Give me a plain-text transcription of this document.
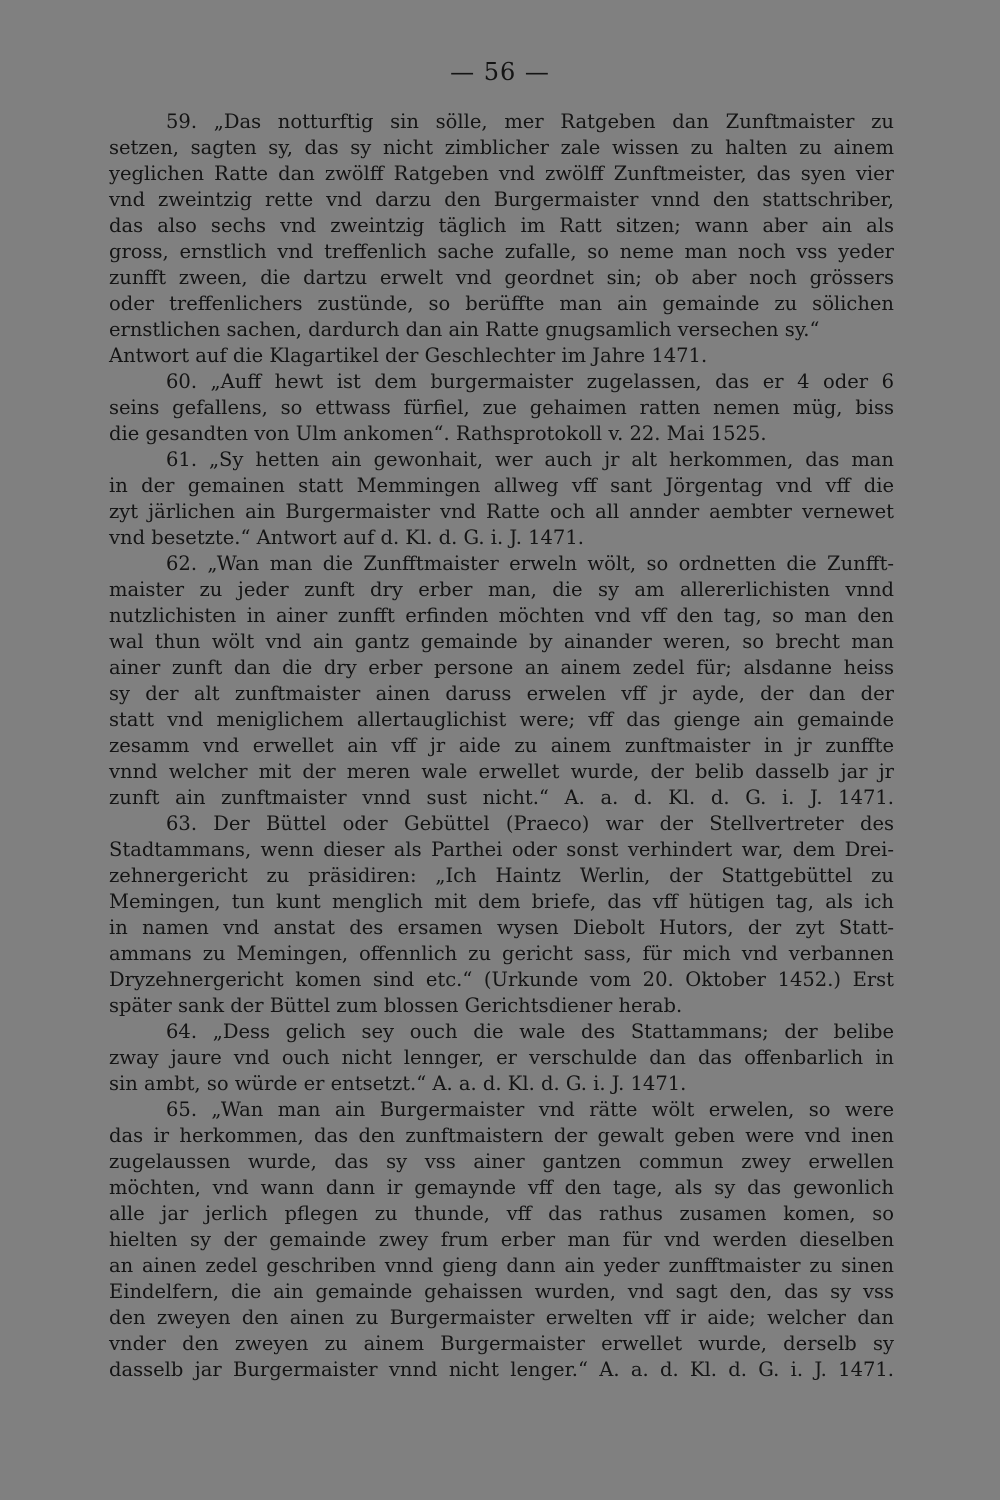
— 56 —
59. „Das notturftig sin sölle, mer Ratgeben dan Zunftmaister zu
setzen, sagten sy, das sy nicht zimblicher zale wissen zu halten zu ainem
yeglichen Ratte dan zwölff Ratgeben vnd zwölff Zunftmeister, das syen vier
vnd zweintzig rette vnd darzu den Burgermaister vnnd den stattschriber,
das also sechs vnd zweintzig täglich im Ratt sitzen; wann aber ain als
gross, ernstlich vnd treffenlich sache zufalle, so neme man noch vss yeder
zunfft zween, die dartzu erwelt vnd geordnet sin; ob aber noch grössers
oder treffenlichers zustünde, so berüffte man ain gemainde zu sölichen
ernstlichen sachen, dardurch dan ain Ratte gnugsamlich versechen sy.“
Antwort auf die Klagartikel der Geschlechter im Jahre 1471.
60. „Auff hewt ist dem burgermaister zugelassen, das er 4 oder 6
seins gefallens, so ettwass fürfiel, zue gehaimen ratten nemen müg, biss
die gesandten von Ulm ankomen“. Rathsprotokoll v. 22. Mai 1525.
61. „Sy hetten ain gewonhait, wer auch jr alt herkommen, das man
in der gemainen statt Memmingen allweg vff sant Jörgentag vnd vff die
zyt järlichen ain Burgermaister vnd Ratte och all annder aembter vernewet
vnd besetzte.“ Antwort auf d. Kl. d. G. i. J. 1471.
62. „Wan man die Zunfftmaister erweln wölt, so ordnetten die Zunfft-
maister zu jeder zunft dry erber man, die sy am allererlichisten vnnd
nutzlichisten in ainer zunfft erfinden möchten vnd vff den tag, so man den
wal thun wölt vnd ain gantz gemainde by ainander weren, so brecht man
ainer zunft dan die dry erber persone an ainem zedel für; alsdanne heiss
sy der alt zunftmaister ainen daruss erwelen vff jr ayde, der dan der
statt vnd meniglichem allertauglichist were; vff das gienge ain gemainde
zesamm vnd erwellet ain vff jr aide zu ainem zunftmaister in jr zunffte
vnnd welcher mit der meren wale erwellet wurde, der belib dasselb jar jr
zunft ain zunftmaister vnnd sust nicht.“ A. a. d. Kl. d. G. i. J. 1471.
63. Der Büttel oder Gebüttel (Praeco) war der Stellvertreter des
Stadtammans, wenn dieser als Parthei oder sonst verhindert war, dem Drei-
zehnergericht zu präsidiren: „Ich Haintz Werlin, der Stattgebüttel zu
Memingen, tun kunt menglich mit dem briefe, das vff hütigen tag, als ich
in namen vnd anstat des ersamen wysen Diebolt Hutors, der zyt Statt-
ammans zu Memingen, offennlich zu gericht sass, für mich vnd verbannen
Dryzehnergericht komen sind etc.“ (Urkunde vom 20. Oktober 1452.) Erst
später sank der Büttel zum blossen Gerichtsdiener herab.
64. „Dess gelich sey ouch die wale des Stattammans; der belibe
zway jaure vnd ouch nicht lennger, er verschulde dan das offenbarlich in
sin ambt, so würde er entsetzt.“ A. a. d. Kl. d. G. i. J. 1471.
65. „Wan man ain Burgermaister vnd rätte wölt erwelen, so were
das ir herkommen, das den zunftmaistern der gewalt geben were vnd inen
zugelaussen wurde, das sy vss ainer gantzen commun zwey erwellen
möchten, vnd wann dann ir gemaynde vff den tage, als sy das gewonlich
alle jar jerlich pflegen zu thunde, vff das rathus zusamen komen, so
hielten sy der gemainde zwey frum erber man für vnd werden dieselben
an ainen zedel geschriben vnnd gieng dann ain yeder zunfftmaister zu sinen
Eindelfern, die ain gemainde gehaissen wurden, vnd sagt den, das sy vss
den zweyen den ainen zu Burgermaister erwelten vff ir aide; welcher dan
vnder den zweyen zu ainem Burgermaister erwellet wurde, derselb sy
dasselb jar Burgermaister vnnd nicht lenger.“ A. a. d. Kl. d. G. i. J. 1471.
